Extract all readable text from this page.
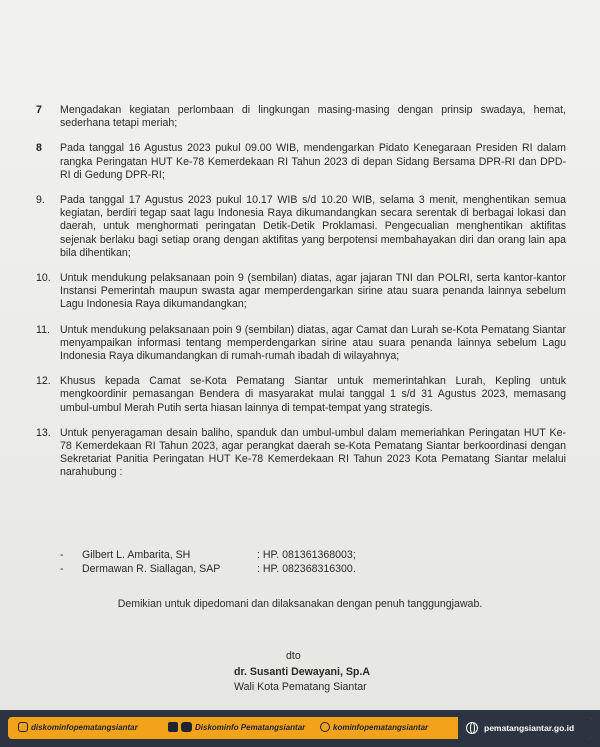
7 Mengadakan kegiatan perlombaan di lingkungan masing-masing dengan prinsip swadaya, hemat, sederhana tetapi meriah;
8 Pada tanggal 16 Agustus 2023 pukul 09.00 WIB, mendengarkan Pidato Kenegaraan Presiden RI dalam rangka Peringatan HUT Ke-78 Kemerdekaan RI Tahun 2023 di depan Sidang Bersama DPR-RI dan DPD-RI di Gedung DPR-RI;
9. Pada tanggal 17 Agustus 2023 pukul 10.17 WIB s/d 10.20 WIB, selama 3 menit, menghentikan semua kegiatan, berdiri tegap saat lagu Indonesia Raya dikumandangkan secara serentak di berbagai lokasi dan daerah, untuk menghormati peringatan Detik-Detik Proklamasi. Pengecualian menghentikan aktifitas sejenak berlaku bagi setiap orang dengan aktifitas yang berpotensi membahayakan diri dan orang lain apa bila dihentikan;
10. Untuk mendukung pelaksanaan poin 9 (sembilan) diatas, agar jajaran TNI dan POLRI, serta kantor-kantor Instansi Pemerintah maupun swasta agar memperdengarkan sirine atau suara penanda lainnya sebelum Lagu Indonesia Raya dikumandangkan;
11. Untuk mendukung pelaksanaan poin 9 (sembilan) diatas, agar Camat dan Lurah se-Kota Pematang Siantar menyampaikan informasi tentang memperdengarkan sirine atau suara penanda lainnya sebelum Lagu Indonesia Raya dikumandangkan di rumah-rumah ibadah di wilayahnya;
12. Khusus kepada Camat se-Kota Pematang Siantar untuk memerintahkan Lurah, Kepling untuk mengkoordinir pemasangan Bendera di masyarakat mulai tanggal 1 s/d 31 Agustus 2023, memasang umbul-umbul Merah Putih serta hiasan lainnya di tempat-tempat yang strategis.
13. Untuk penyeragaman desain baliho, spanduk dan umbul-umbul dalam memeriahkan Peringatan HUT Ke-78 Kemerdekaan RI Tahun 2023, agar perangkat daerah se-Kota Pematang Siantar berkoordinasi dengan Sekretariat Panitia Peringatan HUT Ke-78 Kemerdekaan RI Tahun 2023 Kota Pematang Siantar melalui narahubung :
- Gilbert L. Ambarita, SH	: HP. 081361368003;
- Dermawan R. Siallagan, SAP	: HP. 082368316300.
Demikian untuk dipedomani dan dilaksanakan dengan penuh tanggungjawab.
dto
dr. Susanti Dewayani, Sp.A
Wali Kota Pematang Siantar
diskominfopematangsiantar	Diskominfo Pematangsiantar	kominfopematangsiantar	pematangsiantar.go.id
